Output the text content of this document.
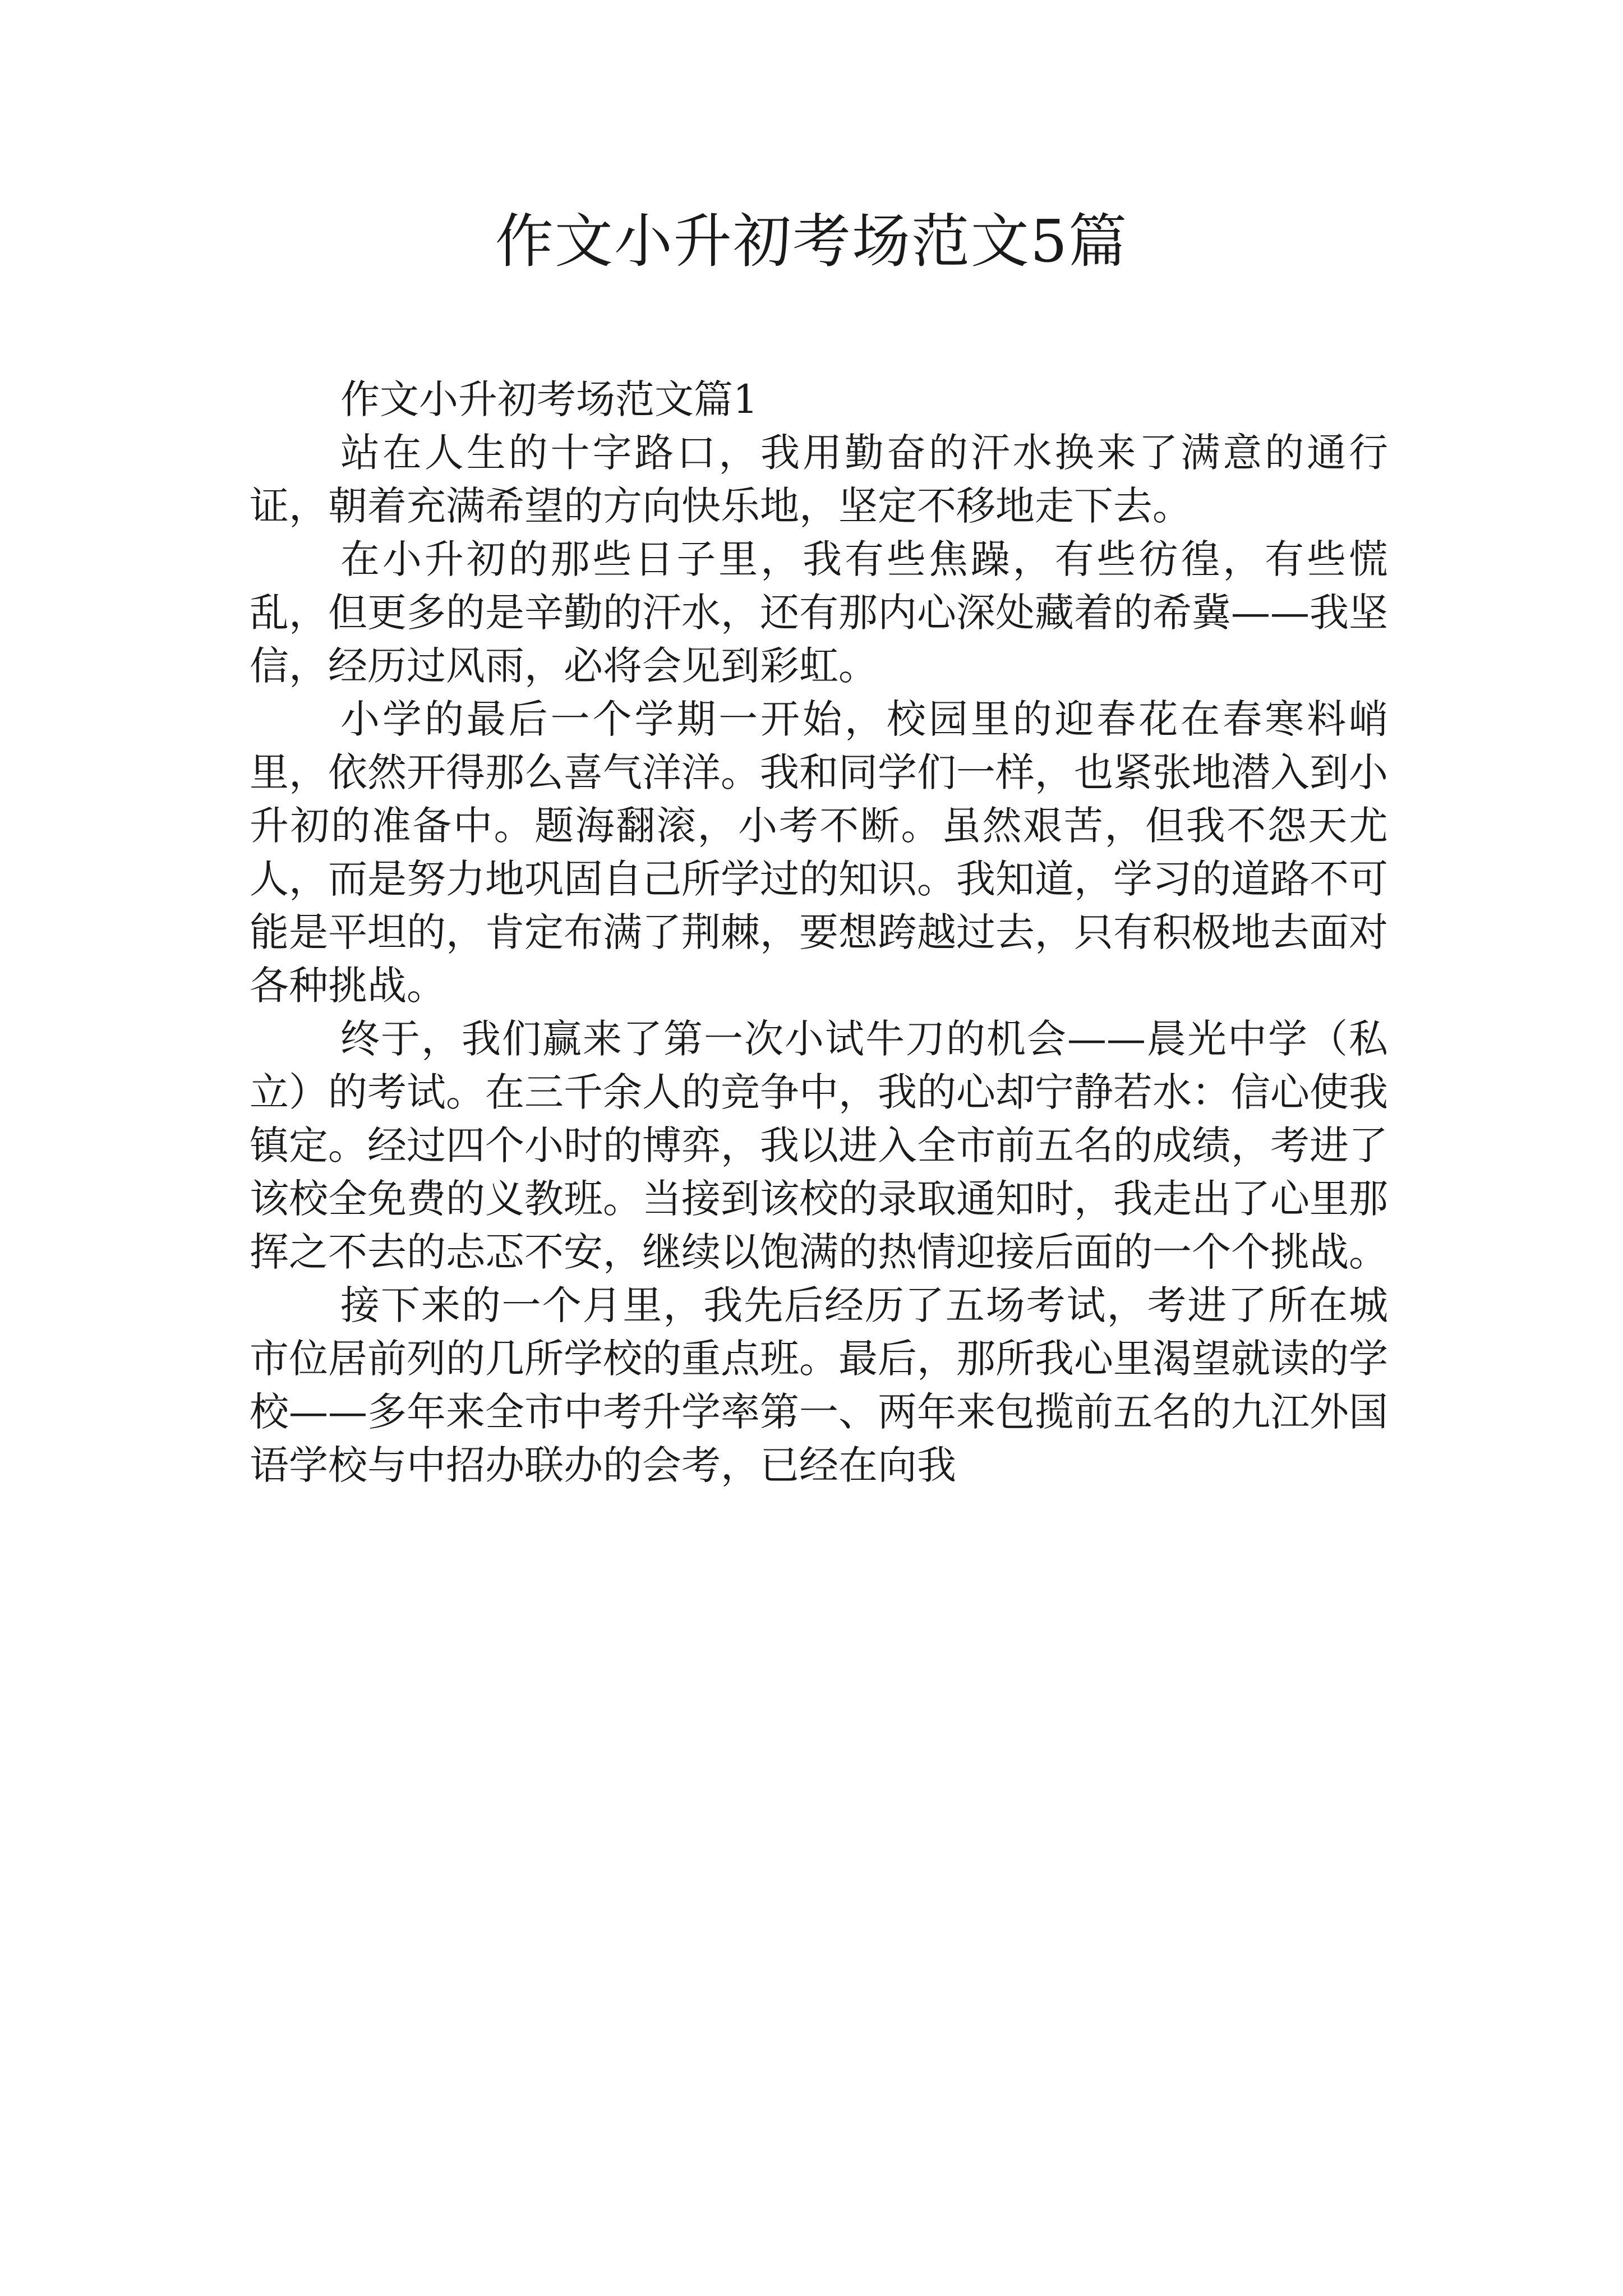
作文小升初考场范文5篇

作文小升初考场范文篇1

站在人生的十字路口，我用勤奋的汗水换来了满意的通行证，朝着充满希望的方向快乐地，坚定不移地走下去。

在小升初的那些日子里，我有些焦躁，有些彷徨，有些慌乱，但更多的是辛勤的汗水，还有那内心深处藏着的希冀——我坚信，经历过风雨，必将会见到彩虹。

小学的最后一个学期一开始，校园里的迎春花在春寒料峭里，依然开得那么喜气洋洋。我和同学们一样，也紧张地潜入到小升初的准备中。题海翻滚，小考不断。虽然艰苦，但我不怨天尤人，而是努力地巩固自己所学过的知识。我知道，学习的道路不可能是平坦的，肯定布满了荆棘，要想跨越过去，只有积极地去面对各种挑战。

终于，我们赢来了第一次小试牛刀的机会——晨光中学（私立）的考试。在三千余人的竞争中，我的心却宁静若水：信心使我镇定。经过四个小时的博弈，我以进入全市前五名的成绩，考进了该校全免费的义教班。当接到该校的录取通知时，我走出了心里那挥之不去的忐忑不安，继续以饱满的热情迎接后面的一个个挑战。

接下来的一个月里，我先后经历了五场考试，考进了所在城市位居前列的几所学校的重点班。最后，那所我心里渴望就读的学校——多年来全市中考升学率第一、两年来包揽前五名的九江外国语学校与中招办联办的会考，已经在向我
